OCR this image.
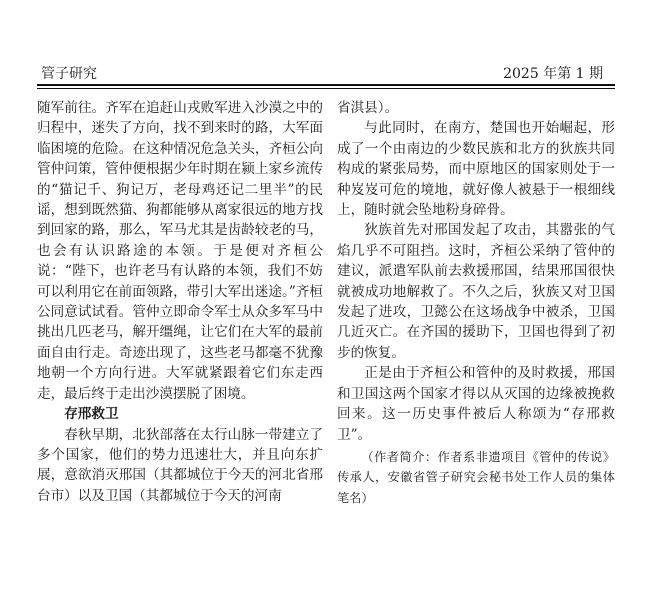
管子研究	2025 年第 1 期

随军前往。齐军在追赶山戎败军进入沙漠之中的归程中，迷失了方向，找不到来时的路，大军面临困境的危险。在这种情况危急关头，齐桓公向管仲问策，管仲便根据少年时期在颍上家乡流传的“猫记千、狗记万，老母鸡还记二里半”的民谣，想到既然猫、狗都能够从离家很远的地方找到回家的路，那么，军马尤其是齿龄较老的马，也会有认识路途的本领。于是便对齐桓公说：“陛下，也许老马有认路的本领，我们不妨可以利用它在前面领路，带引大军出迷途。”齐桓公同意试试看。管仲立即命令军士从众多军马中挑出几匹老马，解开缰绳，让它们在大军的最前面自由行走。奇迹出现了，这些老马都毫不犹豫地朝一个方向行进。大军就紧跟着它们东走西走，最后终于走出沙漠摆脱了困境。

存邢救卫

春秋早期，北狄部落在太行山脉一带建立了多个国家，他们的势力迅速壮大，并且向东扩展，意欲消灭邢国（其都城位于今天的河北省邢台市）以及卫国（其都城位于今天的河南

省淇县）。

与此同时，在南方，楚国也开始崛起，形成了一个由南边的少数民族和北方的狄族共同构成的紧张局势，而中原地区的国家则处于一种岌岌可危的境地，就好像人被悬于一根细线上，随时就会坠地粉身碎骨。

狄族首先对邢国发起了攻击，其嚣张的气焰几乎不可阻挡。这时，齐桓公采纳了管仲的建议，派遣军队前去救援邢国，结果邢国很快就被成功地解救了。不久之后，狄族又对卫国发起了进攻，卫懿公在这场战争中被杀，卫国几近灭亡。在齐国的援助下，卫国也得到了初步的恢复。

正是由于齐桓公和管仲的及时救援，邢国和卫国这两个国家才得以从灭国的边缘被挽救回来。这一历史事件被后人称颂为“存邢救卫”。

（作者简介：作者系非遗项目《管仲的传说》传承人，安徽省管子研究会秘书处工作人员的集体笔名）
